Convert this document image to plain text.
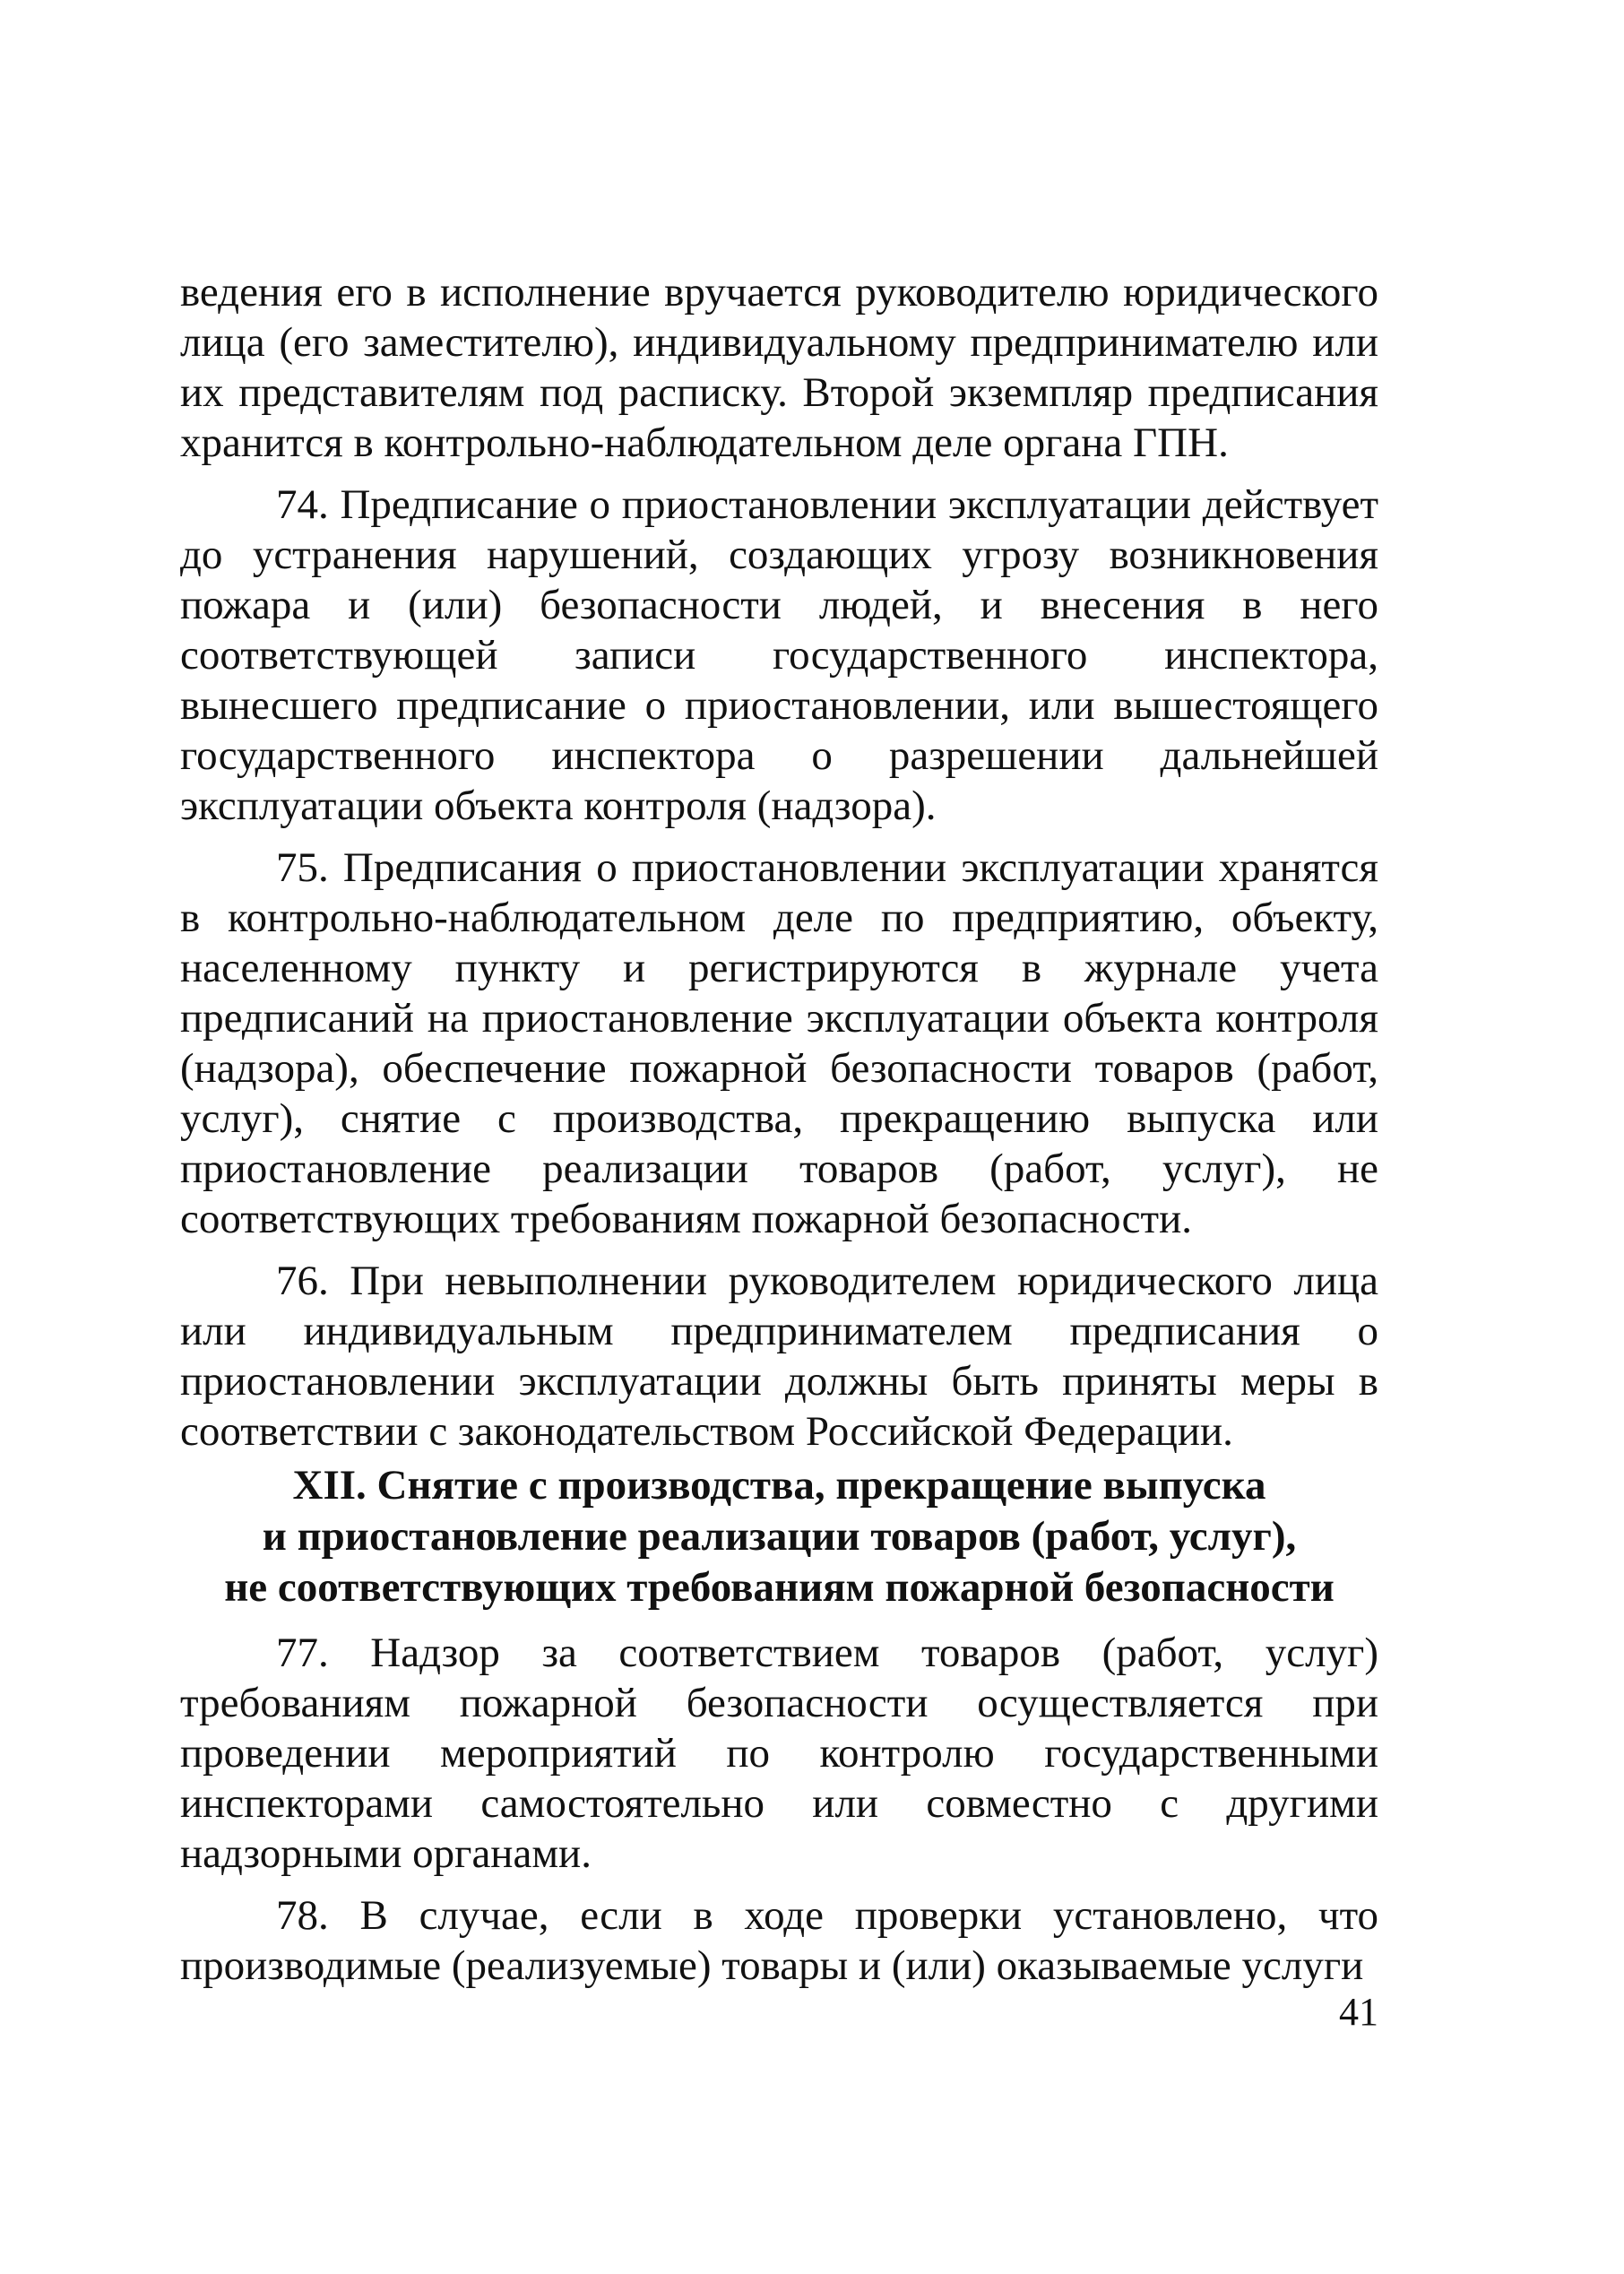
ведения его в исполнение вручается руководителю юридического лица (его заместителю), индивидуальному предпринимателю или их представителям под расписку. Второй экземпляр предписания хранится в контрольно-наблюдательном деле органа ГПН.

74. Предписание о приостановлении эксплуатации действует до устранения нарушений, создающих угрозу возникновения пожара и (или) безопасности людей, и внесения в него соответствующей записи государственного инспектора, вынесшего предписание о приостановлении, или вышестоящего государственного инспектора о разрешении дальнейшей эксплуатации объекта контроля (надзора).

75. Предписания о приостановлении эксплуатации хранятся в контрольно-наблюдательном деле по предприятию, объекту, населенному пункту и регистрируются в журнале учета предписаний на приостановление эксплуатации объекта контроля (надзора), обеспечение пожарной безопасности товаров (работ, услуг), снятие с производства, прекращению выпуска или приостановление реализации товаров (работ, услуг), не соответствующих требованиям пожарной безопасности.

76. При невыполнении руководителем юридического лица или индивидуальным предпринимателем предписания о приостановлении эксплуатации должны быть приняты меры в соответствии с законодательством Российской Федерации.

XII. Снятие с производства, прекращение выпуска

и приостановление реализации товаров (работ, услуг),

не соответствующих требованиям пожарной безопасности

77. Надзор за соответствием товаров (работ, услуг) требованиям пожарной безопасности осуществляется при проведении мероприятий по контролю государственными инспекторами самостоятельно или совместно с другими надзорными органами.

78. В случае, если в ходе проверки установлено, что производимые (реализуемые) товары и (или) оказываемые услуги

41
